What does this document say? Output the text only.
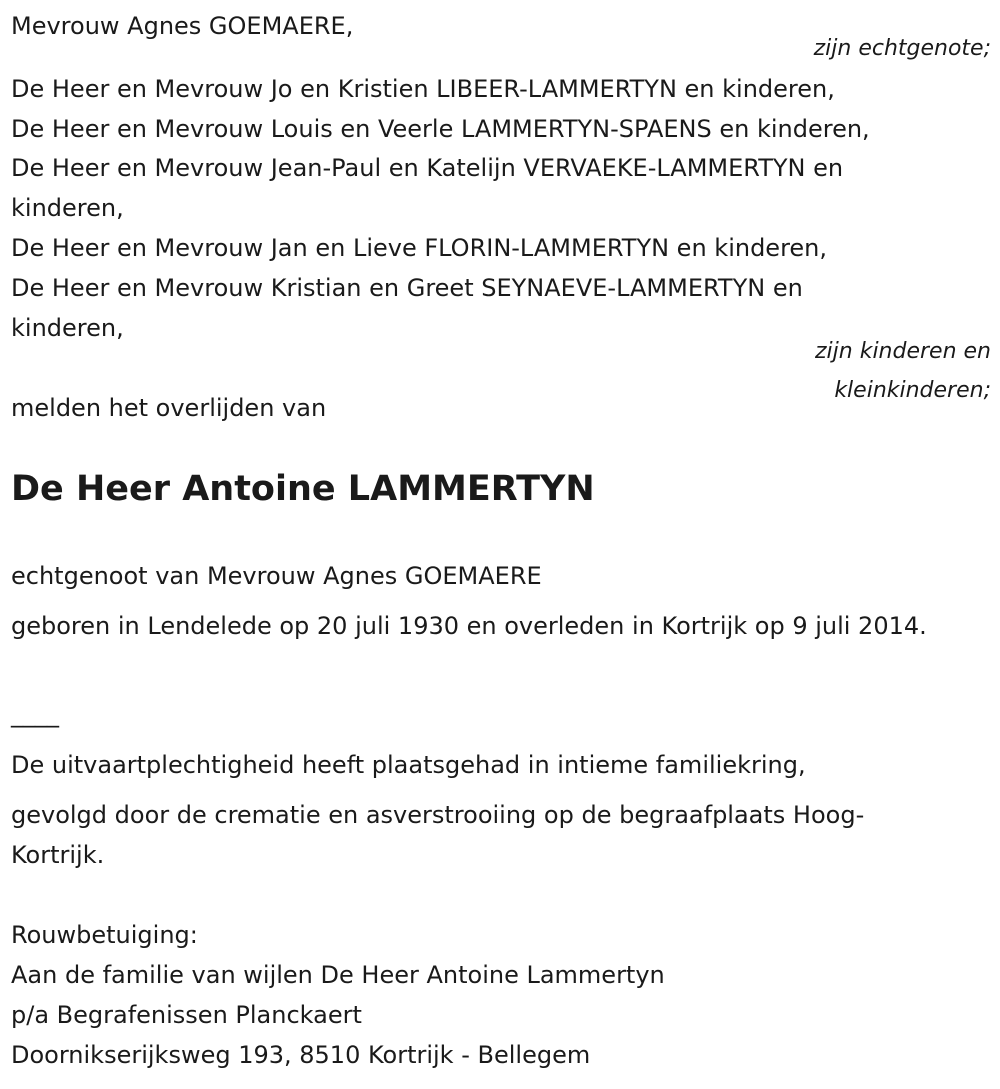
Mevrouw Agnes GOEMAERE,
zijn echtgenote;
De Heer en Mevrouw Jo en Kristien LIBEER-LAMMERTYN en kinderen,
De Heer en Mevrouw Louis en Veerle LAMMERTYN-SPAENS en kinderen,
De Heer en Mevrouw Jean-Paul en Katelijn VERVAEKE-LAMMERTYN en kinderen,
De Heer en Mevrouw Jan en Lieve FLORIN-LAMMERTYN en kinderen,
De Heer en Mevrouw Kristian en Greet SEYNAEVE-LAMMERTYN en kinderen,
zijn kinderen en
kleinkinderen;
melden het overlijden van
De Heer Antoine LAMMERTYN
echtgenoot van Mevrouw Agnes GOEMAERE
geboren in Lendelede op 20 juli 1930 en overleden in Kortrijk op 9 juli 2014.
____
De uitvaartplechtigheid heeft plaatsgehad in intieme familiekring,
gevolgd door de crematie en asverstrooiing op de begraafplaats Hoog-Kortrijk.
Rouwbetuiging:
Aan de familie van wijlen De Heer Antoine Lammertyn
p/a Begrafenissen Planckaert
Doornikserijksweg 193, 8510 Kortrijk - Bellegem
